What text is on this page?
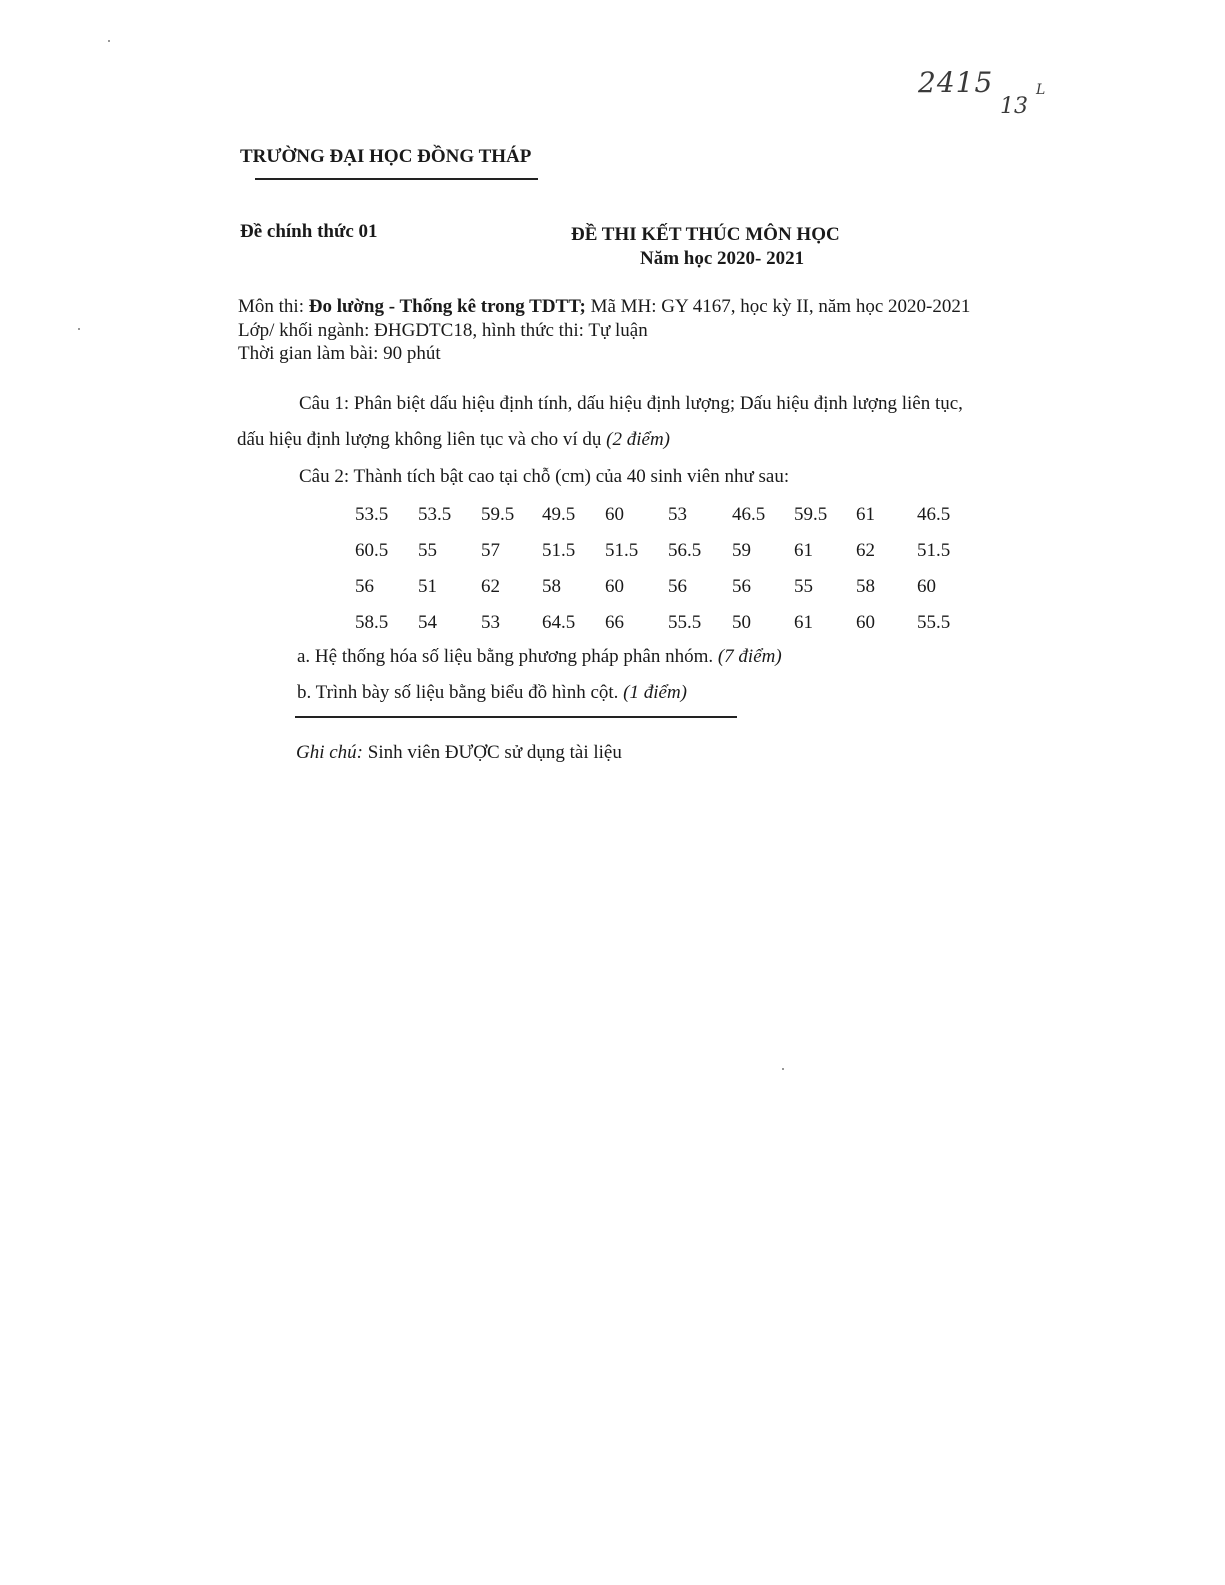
2415
13
L
TRƯỜNG ĐẠI HỌC ĐỒNG THÁP
Đề chính thức 01	ĐỀ THI KẾT THÚC MÔN HỌC
Năm học 2020- 2021
Môn thi: Đo lường - Thống kê trong TDTT; Mã MH: GY 4167, học kỳ II, năm học 2020-2021
Lớp/ khối ngành: ĐHGDTC18, hình thức thi: Tự luận
Thời gian làm bài: 90 phút
Câu 1: Phân biệt dấu hiệu định tính, dấu hiệu định lượng; Dấu hiệu định lượng liên tục,
dấu hiệu định lượng không liên tục và cho ví dụ (2 điểm)
Câu 2: Thành tích bật cao tại chỗ (cm) của 40 sinh viên như sau:
53.5	53.5	59.5	49.5	60	53	46.5	59.5	61	46.5
60.5	55	57	51.5	51.5	56.5	59	61	62	51.5
56	51	62	58	60	56	56	55	58	60
58.5	54	53	64.5	66	55.5	50	61	60	55.5
a. Hệ thống hóa số liệu bằng phương pháp phân nhóm. (7 điểm)
b. Trình bày số liệu bằng biểu đồ hình cột. (1 điểm)
Ghi chú: Sinh viên ĐƯỢC sử dụng tài liệu
